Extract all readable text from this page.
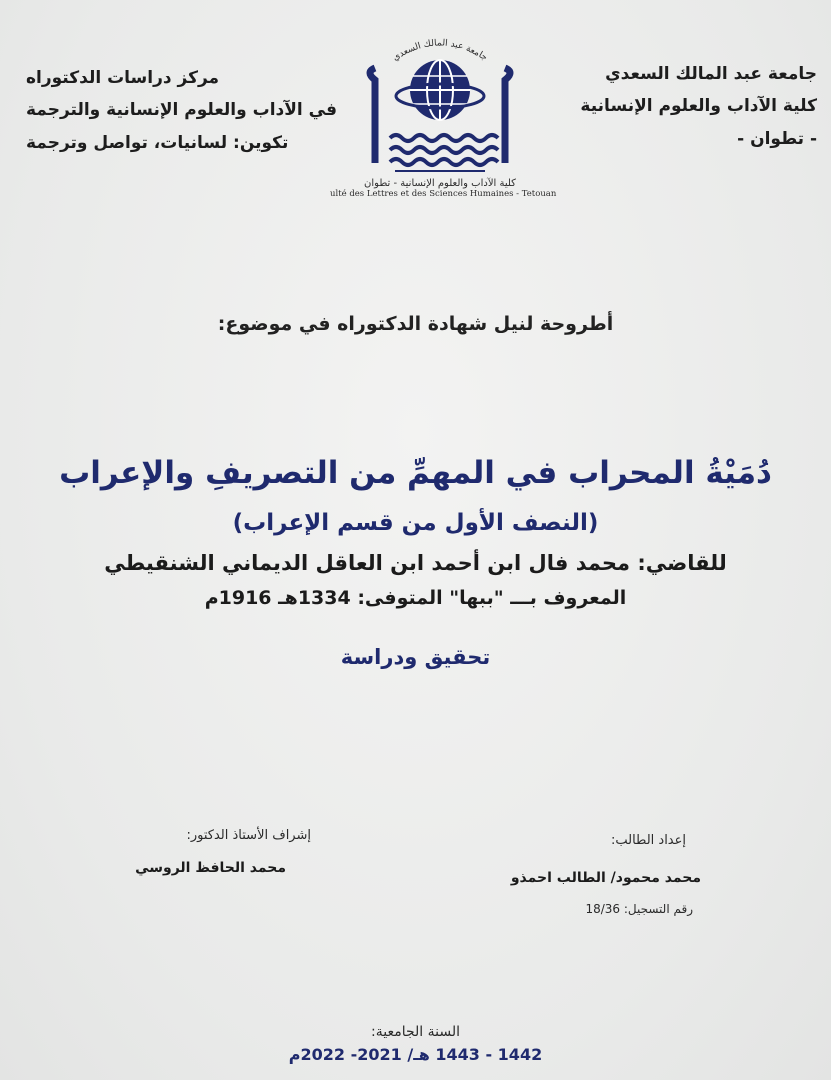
جامعة عبد المالك السعدي
كلية الآداب والعلوم الإنسانية
- تطوان -
مركز دراسات الدكتوراه
في الآداب والعلوم الإنسانية والترجمة
تكوين: لسانيات، تواصل وترجمة
جامعة عبد المالك السعدي
كلية الآداب والعلوم الإنسانية - تطوان
ulté des Lettres et des Sciences Humaines - Tetouan
أطروحة لنيل شهادة الدكتوراه في موضوع:
دُمَيْةُ المحراب في المهمِّ من التصريفِ والإعراب
(النصف الأول من قسم الإعراب)
للقاضي: محمد فال ابن أحمد ابن العاقل الديماني الشنقيطي
المعروف بـــ "ببها" المتوفى: 1334هـ 1916م
تحقيق ودراسة
إشراف الأستاذ الدكتور:
محمد الحافظ الروسي
إعداد الطالب:
محمد محمود/ الطالب احمذو
رقم التسجيل: 18/36
السنة الجامعية:
1442 - 1443 هـ/ 2021- 2022م
